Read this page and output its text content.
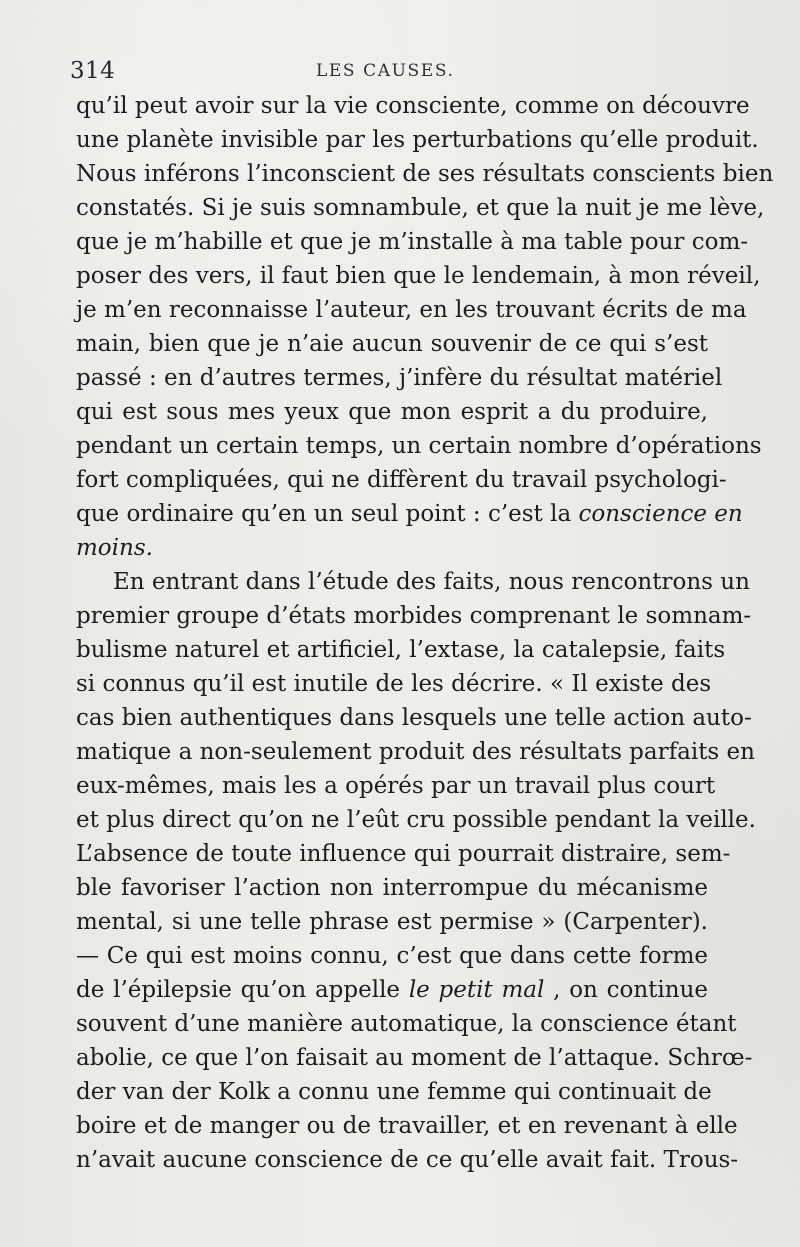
314	LES CAUSES.

qu’il peut avoir sur la vie consciente, comme on découvre

une planète invisible par les perturbations qu’elle produit.

Nous inférons l’inconscient de ses résultats conscients bien

constatés. Si je suis somnambule, et que la nuit je me lève,

que je m’habille et que je m’installe à ma table pour com-

poser des vers, il faut bien que le lendemain, à mon réveil,

je m’en reconnaisse l’auteur, en les trouvant écrits de ma

main, bien que je n’aie aucun souvenir de ce qui s’est

passé : en d’autres termes, j’infère du résultat matériel

qui est sous mes yeux que mon esprit a du produire,

pendant un certain temps, un certain nombre d’opérations

fort compliquées, qui ne diffèrent du travail psychologi-

que ordinaire qu’en un seul point : c’est la conscience en

moins.

En entrant dans l’étude des faits, nous rencontrons un

premier groupe d’états morbides comprenant le somnam-

bulisme naturel et artificiel, l’extase, la catalepsie, faits

si connus qu’il est inutile de les décrire. « Il existe des

cas bien authentiques dans lesquels une telle action auto-

matique a non-seulement produit des résultats parfaits en

eux-mêmes, mais les a opérés par un travail plus court

et plus direct qu’on ne l’eût cru possible pendant la veille.

L’absence de toute influence qui pourrait distraire, sem-

ble favoriser l’action non interrompue du mécanisme

mental, si une telle phrase est permise » (Carpenter).

— Ce qui est moins connu, c’est que dans cette forme

de l’épilepsie qu’on appelle le petit mal , on continue

souvent d’une manière automatique, la conscience étant

abolie, ce que l’on faisait au moment de l’attaque. Schrœ-

der van der Kolk a connu une femme qui continuait de

boire et de manger ou de travailler, et en revenant à elle

n’avait aucune conscience de ce qu’elle avait fait. Trous-
